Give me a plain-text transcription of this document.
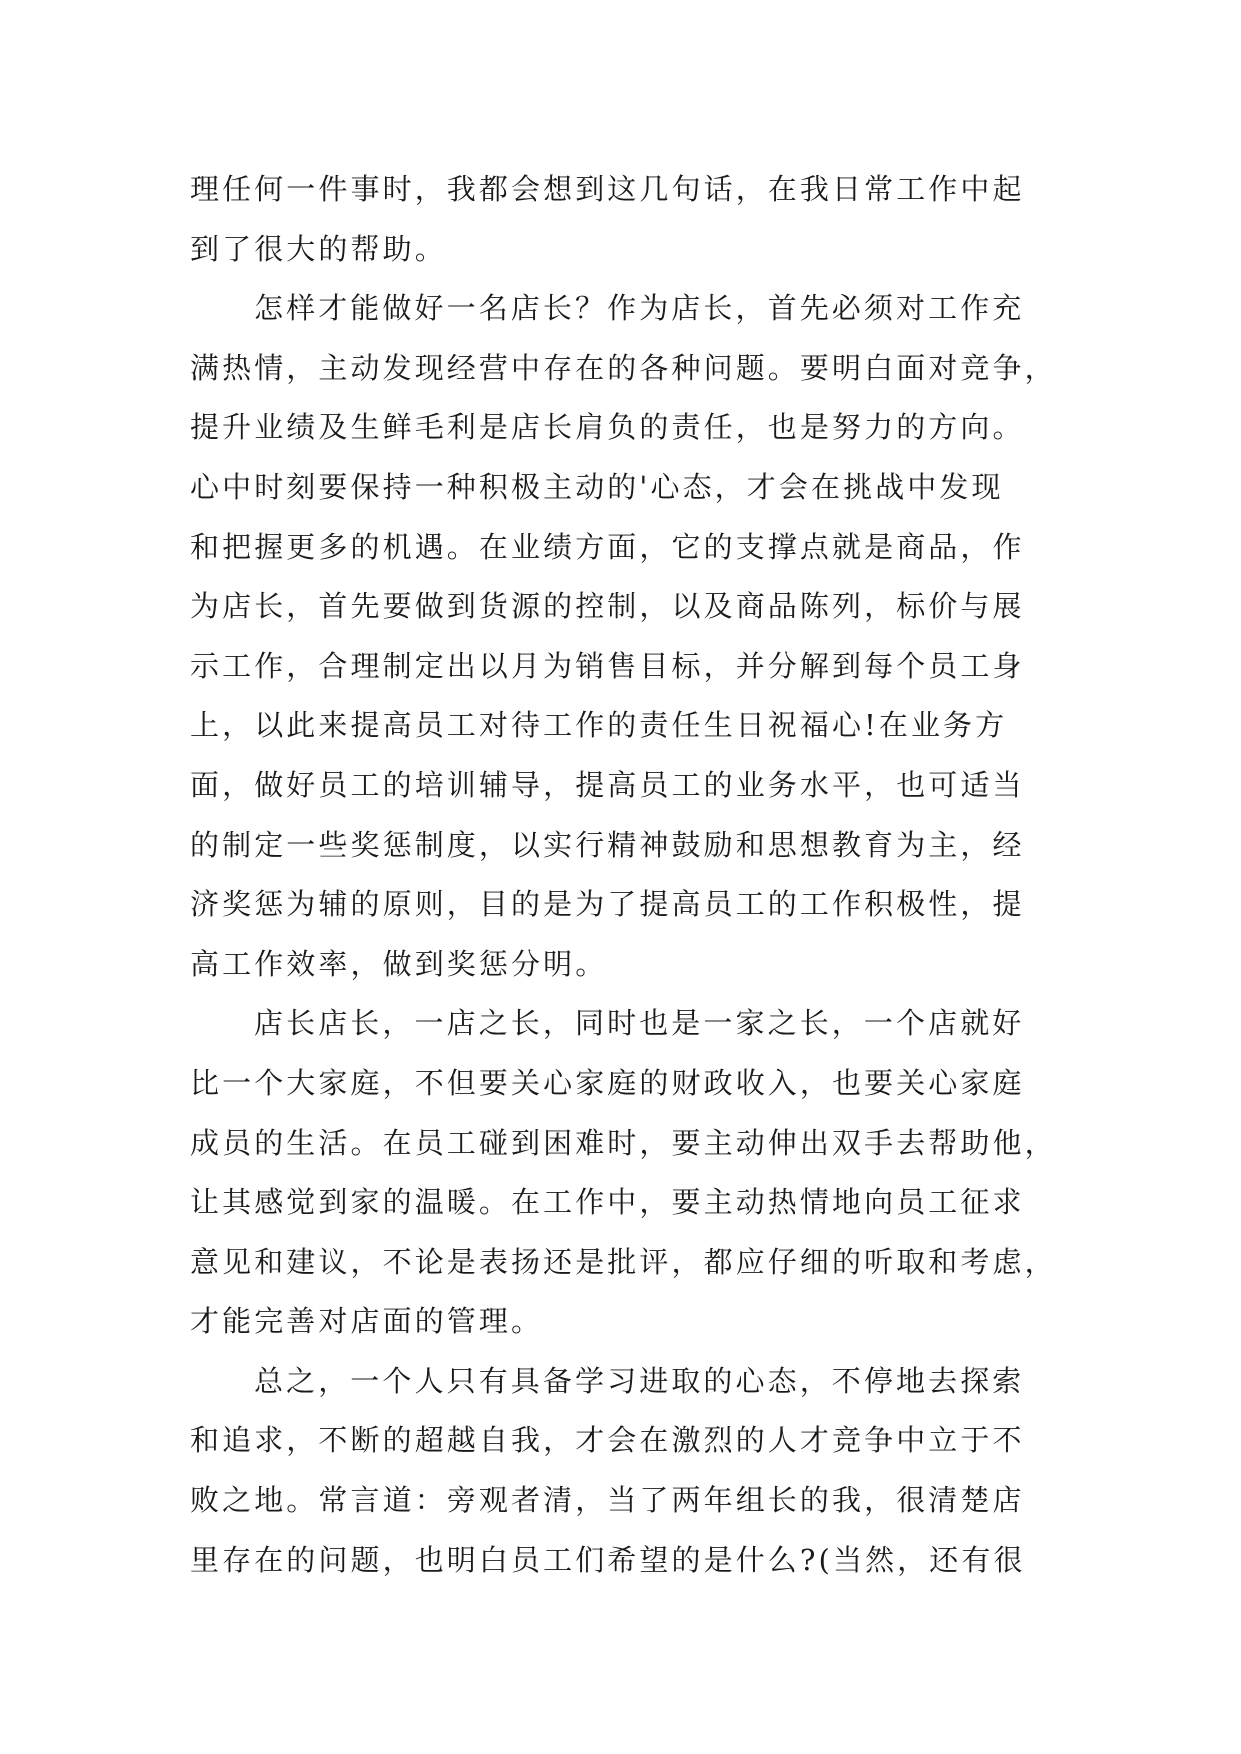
理任何一件事时，我都会想到这几句话，在我日常工作中起
到了很大的帮助。
怎样才能做好一名店长？作为店长，首先必须对工作充
满热情，主动发现经营中存在的各种问题。要明白面对竞争，
提升业绩及生鲜毛利是店长肩负的责任，也是努力的方向。
心中时刻要保持一种积极主动的'心态，才会在挑战中发现
和把握更多的机遇。在业绩方面，它的支撑点就是商品，作
为店长，首先要做到货源的控制，以及商品陈列，标价与展
示工作，合理制定出以月为销售目标，并分解到每个员工身
上，以此来提高员工对待工作的责任生日祝福心!在业务方
面，做好员工的培训辅导，提高员工的业务水平，也可适当
的制定一些奖惩制度，以实行精神鼓励和思想教育为主，经
济奖惩为辅的原则，目的是为了提高员工的工作积极性，提
高工作效率，做到奖惩分明。
店长店长，一店之长，同时也是一家之长，一个店就好
比一个大家庭，不但要关心家庭的财政收入，也要关心家庭
成员的生活。在员工碰到困难时，要主动伸出双手去帮助他，
让其感觉到家的温暖。在工作中，要主动热情地向员工征求
意见和建议，不论是表扬还是批评，都应仔细的听取和考虑，
才能完善对店面的管理。
总之，一个人只有具备学习进取的心态，不停地去探索
和追求，不断的超越自我，才会在激烈的人才竞争中立于不
败之地。常言道：旁观者清，当了两年组长的我，很清楚店
里存在的问题，也明白员工们希望的是什么?(当然，还有很
